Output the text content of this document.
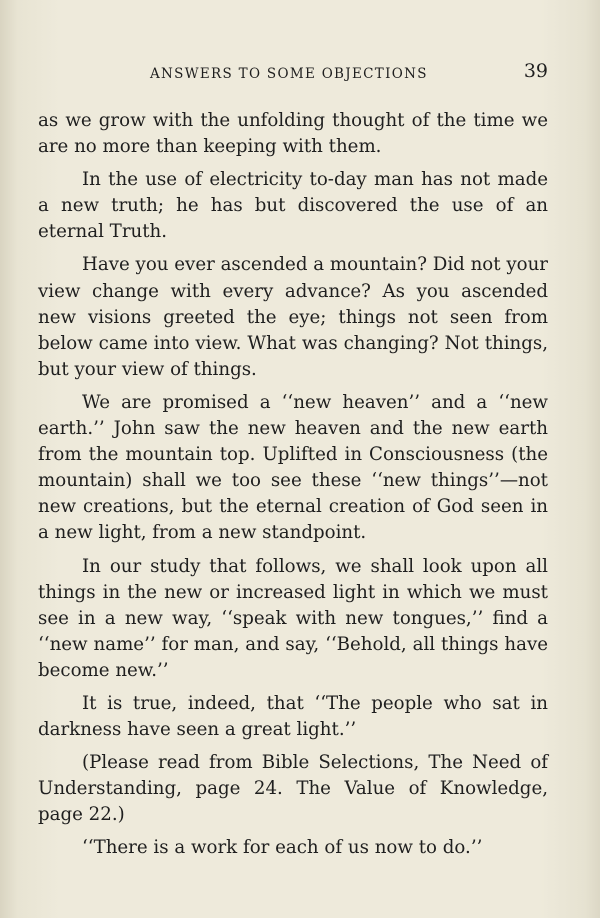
ANSWERS TO SOME OBJECTIONS	39

as we grow with the unfolding thought of the time we are no more than keeping with them.

In the use of electricity to-day man has not made a new truth; he has but discovered the use of an eternal Truth.

Have you ever ascended a mountain? Did not your view change with every advance? As you ascended new visions greeted the eye; things not seen from below came into view. What was changing? Not things, but your view of things.

We are promised a ‘‘new heaven’’ and a ‘‘new earth.’’ John saw the new heaven and the new earth from the mountain top. Uplifted in Consciousness (the mountain) shall we too see these ‘‘new things’’—not new creations, but the eternal creation of God seen in a new light, from a new standpoint.

In our study that follows, we shall look upon all things in the new or increased light in which we must see in a new way, ‘‘speak with new tongues,’’ find a ‘‘new name’’ for man, and say, ‘‘Behold, all things have become new.’’

It is true, indeed, that ‘‘The people who sat in darkness have seen a great light.’’

(Please read from Bible Selections, The Need of Understanding, page 24. The Value of Knowledge, page 22.)

‘‘There is a work for each of us now to do.’’
